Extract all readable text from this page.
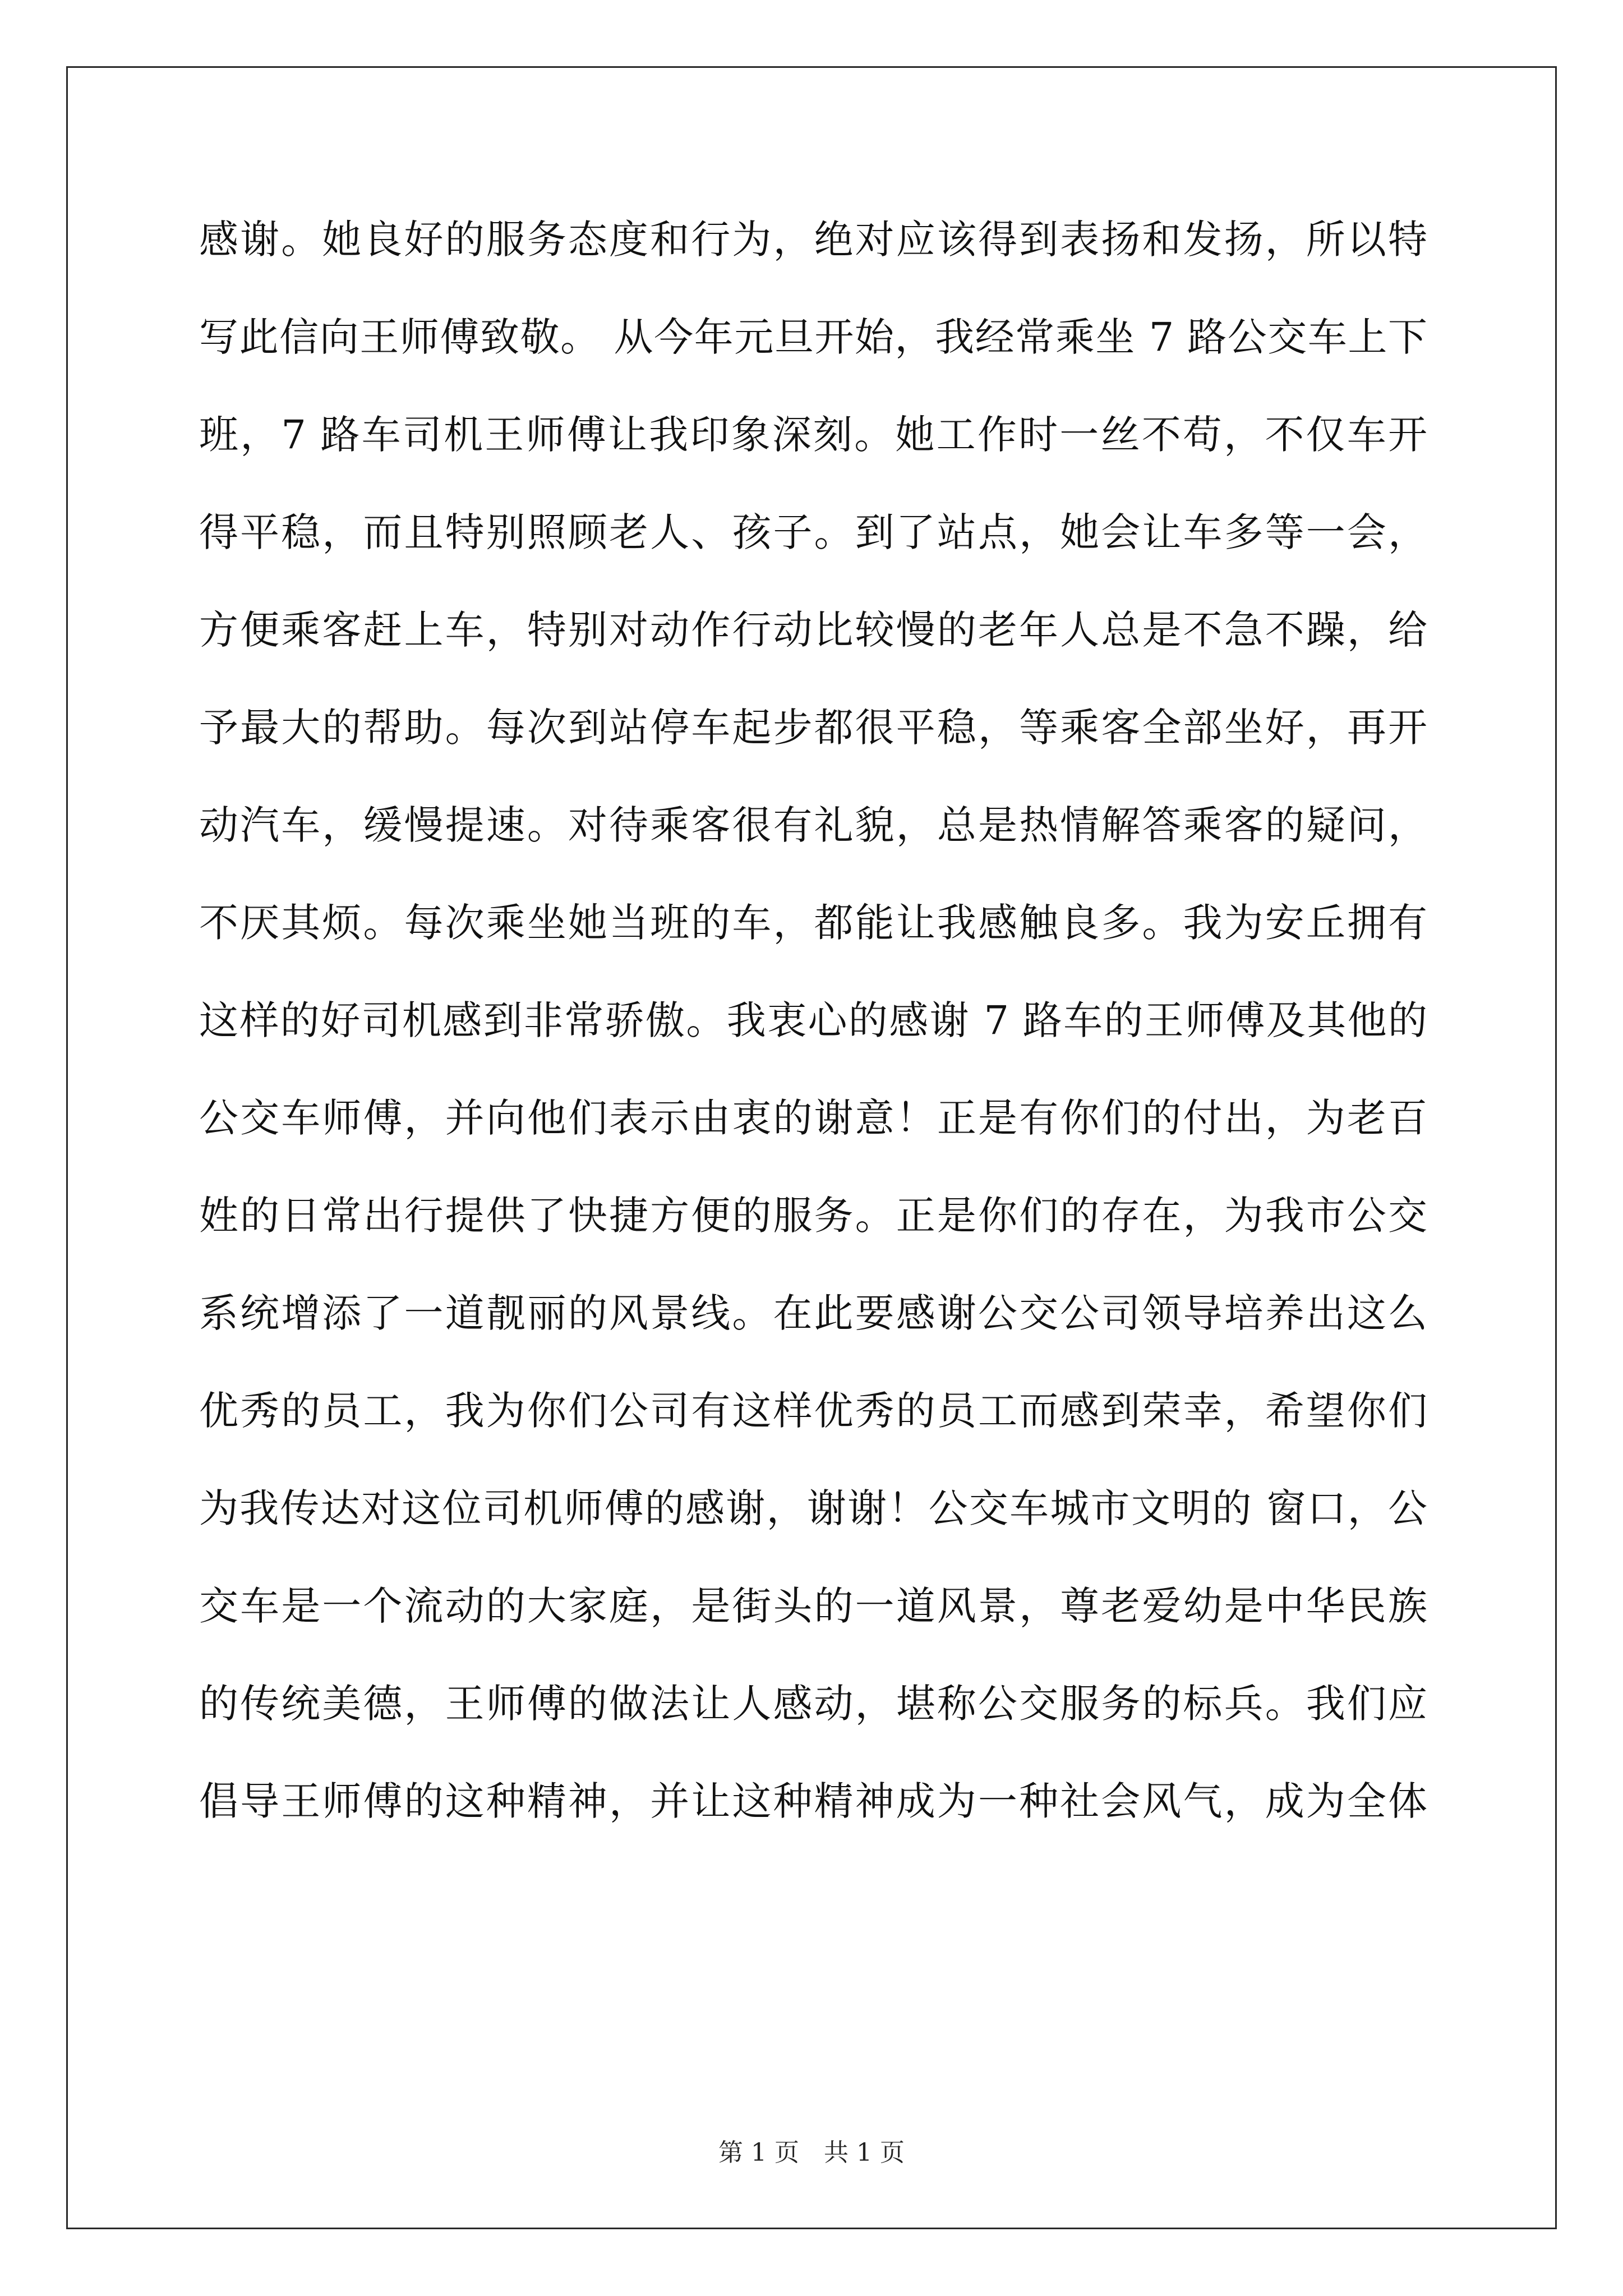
感谢。她良好的服务态度和行为，绝对应该得到表扬和发扬，所以特
写此信向王师傅致敬。 从今年元旦开始，我经常乘坐 7 路公交车上下
班，7 路车司机王师傅让我印象深刻。她工作时一丝不苟，不仅车开
得平稳，而且特别照顾老人、孩子。到了站点，她会让车多等一会，
方便乘客赶上车，特别对动作行动比较慢的老年人总是不急不躁，给
予最大的帮助。每次到站停车起步都很平稳，等乘客全部坐好，再开
动汽车，缓慢提速。对待乘客很有礼貌，总是热情解答乘客的疑问，
不厌其烦。每次乘坐她当班的车，都能让我感触良多。我为安丘拥有
这样的好司机感到非常骄傲。我衷心的感谢 7 路车的王师傅及其他的
公交车师傅，并向他们表示由衷的谢意！正是有你们的付出，为老百
姓的日常出行提供了快捷方便的服务。正是你们的存在，为我市公交
系统增添了一道靓丽的风景线。在此要感谢公交公司领导培养出这么
优秀的员工，我为你们公司有这样优秀的员工而感到荣幸，希望你们
为我传达对这位司机师傅的感谢，谢谢！公交车城市文明的 窗口，公
交车是一个流动的大家庭，是街头的一道风景，尊老爱幼是中华民族
的传统美德，王师傅的做法让人感动，堪称公交服务的标兵。我们应
倡导王师傅的这种精神，并让这种精神成为一种社会风气，成为全体
第 1 页　共 1 页
